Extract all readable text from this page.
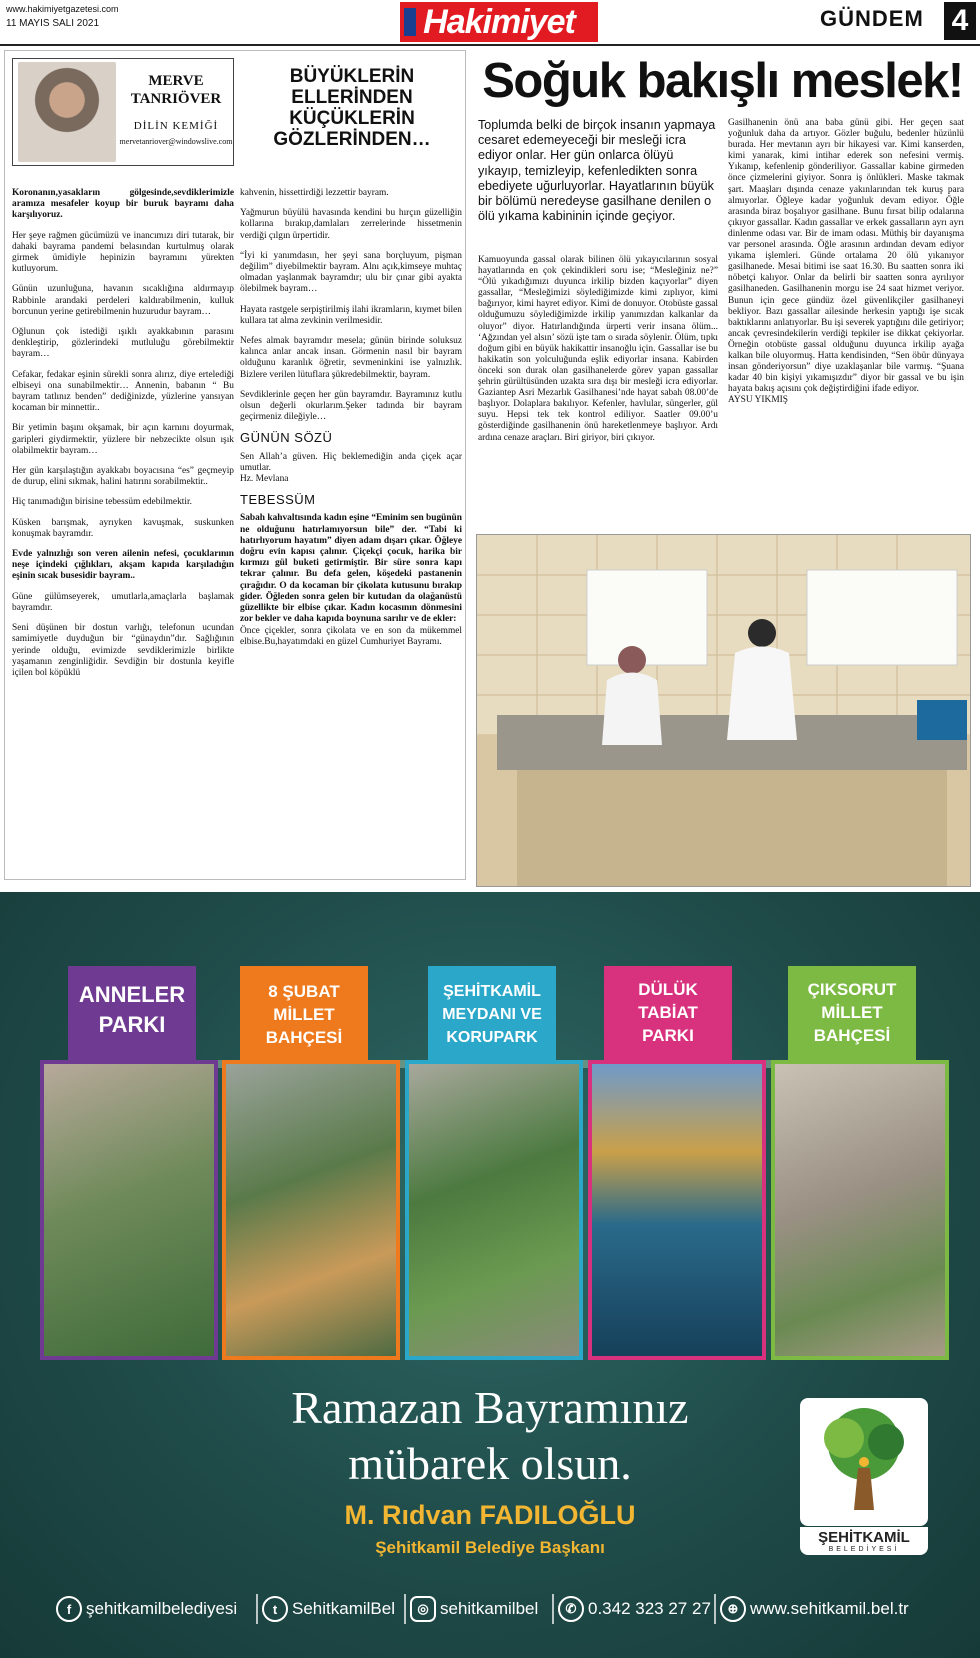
www.hakimiyetgazetesi.com
11 MAYIS SALI 2021	Hakimiyet	GÜNDEM 4
MERVE
TANRIÖVER
DİLİN KEMİĞİ
mervetanriover@windowslive.com
BÜYÜKLERİN
ELLERİNDEN
KÜÇÜKLERİN
GÖZLERİNDEN…

Koronanın,yasakların gölgesinde,sevdiklerimizle aramıza mesafeler koyup bir buruk bayramı daha karşılıyoruz.

Her şeye rağmen gücümüzü ve inancımızı diri tutarak, bir dahaki bayrama pandemi belasından kurtulmuş olarak girmek ümidiyle hepinizin bayramını yürekten kutluyorum.

Günün uzunluğuna, havanın sıcaklığına aldırmayıp Rabbinle arandaki perdeleri kaldırabilmenin, kulluk borcunun yerine getirebilmenin huzurudur bayram…

Oğlunun çok istediği ışıklı ayakkabının parasını denkleştirip, gözlerindeki mutluluğu görebilmektir bayram…

Cefakar, fedakar eşinin sürekli sonra alırız, diye ertelediği elbiseyi ona sunabilmektir… Annenin, babanın “ Bu bayram tatlınız benden” dediğinizde, yüzlerine yansıyan kocaman bir minnettir..

Bir yetimin başını okşamak, bir açın karnını doyurmak, garipleri giydirmektir, yüzlere bir nebzecikte olsun ışık olabilmektir bayram…

Her gün karşılaştığın ayakkabı boyacısına “es” geçmeyip de durup, elini sıkmak, halini hatırını sorabilmektir..

Hiç tanımadığın birisine tebessüm edebilmektir.

Küsken barışmak, ayrıyken kavuşmak, suskunken konuşmak bayramdır.

Evde yalnızlığı son veren ailenin nefesi, çocuklarının neşe içindeki çığlıkları, akşam kapıda karşıladığın eşinin sıcak busesidir bayram..

Güne gülümseyerek, umutlarla,amaçlarla başlamak bayramdır.

Seni düşünen bir dostun varlığı, telefonun ucundan samimiyetle duyduğun bir “günaydın”dır. Sağlığının yerinde olduğu, evimizde sevdiklerimizle birlikte yaşamanın zenginliğidir. Sevdiğin bir dostunla keyifle içilen bol köpüklü

kahvenin, hissettirdiği lezzettir bayram.

Yağmurun büyülü havasında kendini bu hırçın güzelliğin kollarına bırakıp,damlaları zerrelerinde hissetmenin verdiği çılgın ürpertidir.

“İyi ki yanımdasın, her şeyi sana borçluyum, pişman değilim” diyebilmektir bayram. Alnı açık,kimseye muhtaç olmadan yaşlanmak bayramdır; ulu bir çınar gibi ayakta ölebilmek bayram…

Hayata rastgele serpiştirilmiş ilahi ikramların, kıymet bilen kullara tat alma zevkinin verilmesidir.

Nefes almak bayramdır mesela; günün birinde soluksuz kalınca anlar ancak insan. Görmenin nasıl bir bayram olduğunu karanlık öğretir, sevmeninkini ise yalnızlık. Bizlere verilen lütuflara şükredebilmektir, bayram.

Sevdiklerinle geçen her gün bayramdır. Bayramınız kutlu olsun değerli okurlarım.Şeker tadında bir bayram geçirmeniz dileğiyle…

GÜNÜN SÖZÜ

Sen Allah’a güven. Hiç beklemediğin anda çiçek açar umutlar.

Hz. Mevlana

TEBESSÜM

Sabah kahvaltısında kadın eşine “Eminim sen bugünün ne olduğunu hatırlamıyorsun bile” der. “Tabi ki hatırlıyorum hayatım” diyen adam dışarı çıkar. Öğleye doğru evin kapısı çalınır. Çiçekçi çocuk, harika bir kırmızı gül buketi getirmiştir. Bir süre sonra kapı tekrar çalınır. Bu defa gelen, köşedeki pastanenin çırağıdır. O da kocaman bir çikolata kutusunu bırakıp gider. Öğleden sonra gelen bir kutudan da olağanüstü güzellikte bir elbise çıkar. Kadın kocasının dönmesini zor bekler ve daha kapıda boynuna sarılır ve de ekler:

Önce çiçekler, sonra çikolata ve en son da mükemmel elbise.Bu,hayatımdaki en güzel Cumhuriyet Bayramı.

Soğuk bakışlı meslek!
Toplumda belki de birçok insanın yapmaya cesaret edemeyeceği bir mesleği icra ediyor onlar. Her gün onlarca ölüyü yıkayıp, temizleyip, kefenledikten sonra ebediyete uğurluyorlar. Hayatlarının büyük bir bölümü neredeyse gasilhane denilen o ölü yıkama kabininin içinde geçiyor.
Kamuoyunda gassal olarak bilinen ölü yıkayıcılarının sosyal hayatlarında en çok çekindikleri soru ise; “Mesleğiniz ne?” “Ölü yıkadığımızı duyunca irkilip bizden kaçıyorlar” diyen gassallar, “Mesleğimizi söylediğimizde kimi zıplıyor, kimi bağırıyor, kimi hayret ediyor. Kimi de donuyor. Otobüste gassal olduğumuzu söylediğimizde irkilip yanımızdan kalkanlar da oluyor” diyor. Hatırlandığında ürperti verir insana ölüm... ‘Ağzından yel alsın’ sözü işte tam o sırada söylenir. Ölüm, tıpkı doğum gibi en büyük hakikattir insanoğlu için. Gassallar ise bu hakikatin son yolculuğunda eşlik ediyorlar insana. Kabirden önceki son durak olan gasilhanelerde görev yapan gassallar şehrin gürültüsünden uzakta sıra dışı bir mesleği icra ediyorlar. Gaziantep Asri Mezarlık Gasilhanesi’nde hayat sabah 08.00’de başlıyor. Dolaplara bakılıyor. Kefenler, havlular, süngerler, gül suyu. Hepsi tek tek kontrol ediliyor. Saatler 09.00’u gösterdiğinde gasilhanenin önü hareketlenmeye başlıyor. Ardı ardına cenaze araçları. Biri giriyor, biri çıkıyor.

Gasilhanenin önü ana baba günü gibi. Her geçen saat yoğunluk daha da artıyor. Gözler buğulu, bedenler hüzünlü burada. Her mevtanın ayrı bir hikayesi var. Kimi kanserden, kimi yanarak, kimi intihar ederek son nefesini vermiş. Yıkanıp, kefenlenip gönderiliyor. Gassallar kabine girmeden önce çizmelerini giyiyor. Sonra iş önlükleri. Maske takmak şart. Maaşları dışında cenaze yakınlarından tek kuruş para almıyorlar. Öğleye kadar yoğunluk devam ediyor. Öğle arasında biraz boşalıyor gasilhane. Bunu fırsat bilip odalarına çıkıyor gassallar. Kadın gassallar ve erkek gassalların ayrı ayrı dinlenme odası var. Bir de imam odası. Müthiş bir dayanışma var personel arasında. Öğle arasının ardından devam ediyor yıkama işlemleri. Günde ortalama 20 ölü yıkanıyor gasilhanede. Mesai bitimi ise saat 16.30. Bu saatten sonra iki nöbetçi kalıyor. Onlar da belirli bir saatten sonra ayrılıyor gasilhaneden. Gasilhanenin morgu ise 24 saat hizmet veriyor. Bunun için gece gündüz özel güvenlikçiler gasilhaneyi bekliyor. Bazı gassallar ailesinde herkesin yaptığı işe sıcak baktıklarını anlatıyorlar. Bu işi severek yaptığını dile getiriyor; ancak çevresindekilerin verdiği tepkiler ise dikkat çekiyorlar. Örneğin otobüste gassal olduğunu duyunca irkilip ayağa kalkan bile oluyormuş. Hatta kendisinden, “Sen öbür dünyaya insan gönderiyorsun” diye uzaklaşanlar bile varmış. “Şuana kadar 40 bin kişiyi yıkamışızdır” diyor bir gassal ve bu işin hayata bakış açısını çok değiştirdiğini ifade ediyor.

AYSU YIKMIŞ

ANNELER
PARKI
8 ŞUBAT
MİLLET
BAHÇESİ
ŞEHİTKAMİL
MEYDANI VE
KORUPARK
DÜLÜK
TABİAT
PARKI
ÇIKSORUT
MİLLET
BAHÇESİ
Ramazan Bayramınız
mübarek olsun.
M. Rıdvan FADILOĞLU
Şehitkamil Belediye Başkanı
ŞEHİTKAMİL
BELEDİYESİ
f şehitkamilbelediyesi	t SehitkamilBel	◎ sehitkamilbel	✆ 0.342 323 27 27	⊕ www.sehitkamil.bel.tr
